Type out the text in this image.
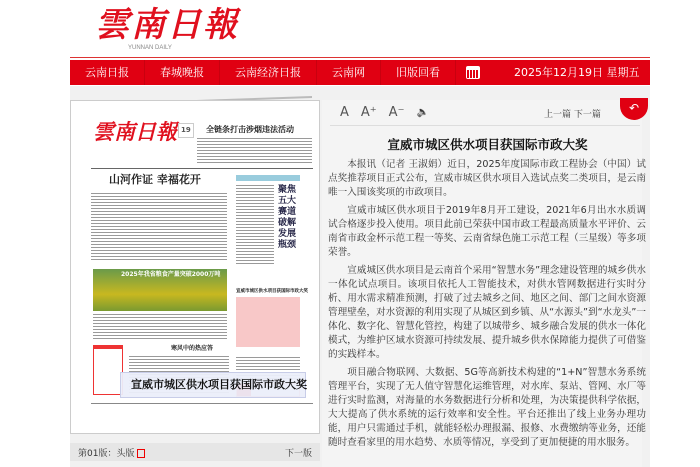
雲南日報
YUNNAN DAILY
云南日报	春城晚报	云南经济日报	云南网	旧版回看	2025年12月19日 星期五
雲南日報 19	全链条打击涉烟违法活动
山河作证 幸福花开
聚焦五大赛道 破解发展瓶颈
2025年我省粮食产量突破2000万吨
宣威市城区供水项目获国际市政大奖
寒风中的热应答
第01版：头版	下一版
A A⁺ A⁻ 🔈	上一篇 下一篇	↶
宣威市城区供水项目获国际市政大奖

本报讯（记者 王淑娟）近日，2025年度国际市政工程协会（中国）试点奖推荐项目正式公布，宣威市城区供水项目入选试点奖二类项目，是云南唯一入围该奖项的市政项目。

宣威市城区供水项目于2019年8月开工建设，2021年6月出水水质调试合格逐步投入使用。项目此前已荣获中国市政工程最高质量水平评价、云南省市政金杯示范工程一等奖、云南省绿色施工示范工程（三星级）等多项荣誉。

宣威城区供水项目是云南首个采用“智慧水务”理念建设管理的城乡供水一体化试点项目。该项目依托人工智能技术，对供水管网数据进行实时分析、用水需求精准预测，打破了过去城乡之间、地区之间、部门之间水资源管理壁垒，对水资源的利用实现了从城区到乡镇、从“水源头”到“水龙头”一体化、数字化、智慧化管控，构建了以城带乡、城乡融合发展的供水一体化模式，为维护区域水资源可持续发展、提升城乡供水保障能力提供了可借鉴的实践样本。

项目融合物联网、大数据、5G等高新技术构建的“1+N”智慧水务系统管理平台，实现了无人值守智慧化运维管理，对水库、泵站、管网、水厂等进行实时监测，对海量的水务数据进行分析和处理，为决策提供科学依据，大大提高了供水系统的运行效率和安全性。平台还推出了线上业务办理功能，用户只需通过手机，就能轻松办理报漏、报修、水费缴纳等业务，还能随时查看家里的用水趋势、水质等情况，享受到了更加便捷的用水服务。

宣威市城区供水项目获国际市政大奖
